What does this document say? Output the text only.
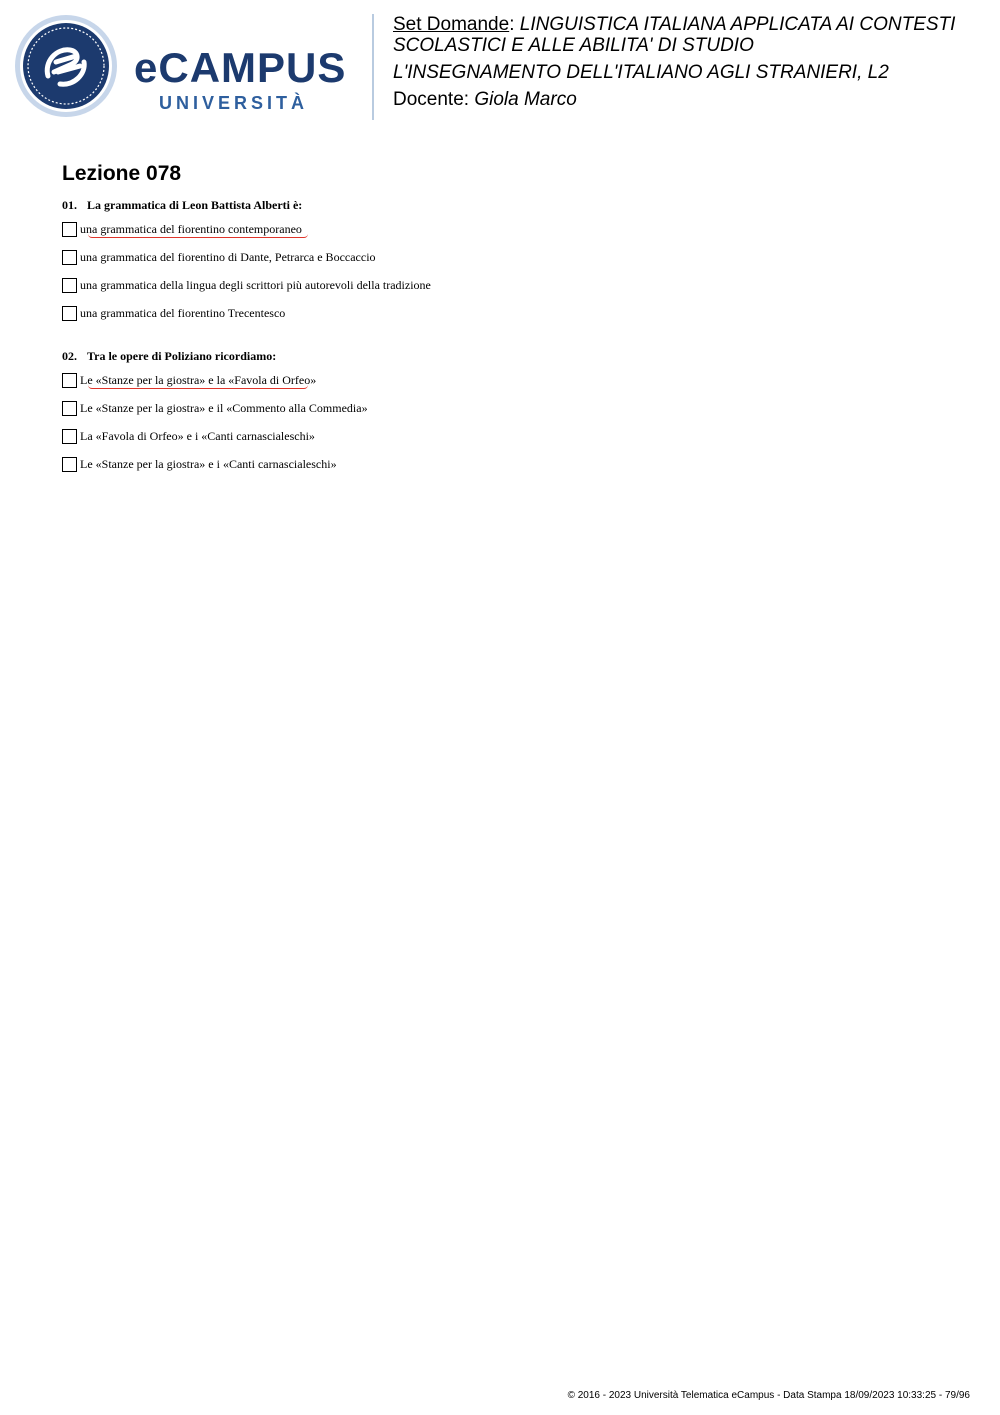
eCAMPUS
UNIVERSITÀ
Set Domande: LINGUISTICA ITALIANA APPLICATA AI CONTESTI
SCOLASTICI E ALLE ABILITA' DI STUDIO
L'INSEGNAMENTO DELL'ITALIANO AGLI STRANIERI, L2
Docente: Giola Marco
Lezione 078
01. La grammatica di Leon Battista Alberti è:
una grammatica del fiorentino contemporaneo
una grammatica del fiorentino di Dante, Petrarca e Boccaccio
una grammatica della lingua degli scrittori più autorevoli della tradizione
una grammatica del fiorentino Trecentesco
02. Tra le opere di Poliziano ricordiamo:
Le «Stanze per la giostra» e la «Favola di Orfeo»
Le «Stanze per la giostra» e il «Commento alla Commedia»
La «Favola di Orfeo» e i «Canti carnascialeschi»
Le «Stanze per la giostra» e i «Canti carnascialeschi»
© 2016 - 2023 Università Telematica eCampus - Data Stampa 18/09/2023 10:33:25 - 79/96
